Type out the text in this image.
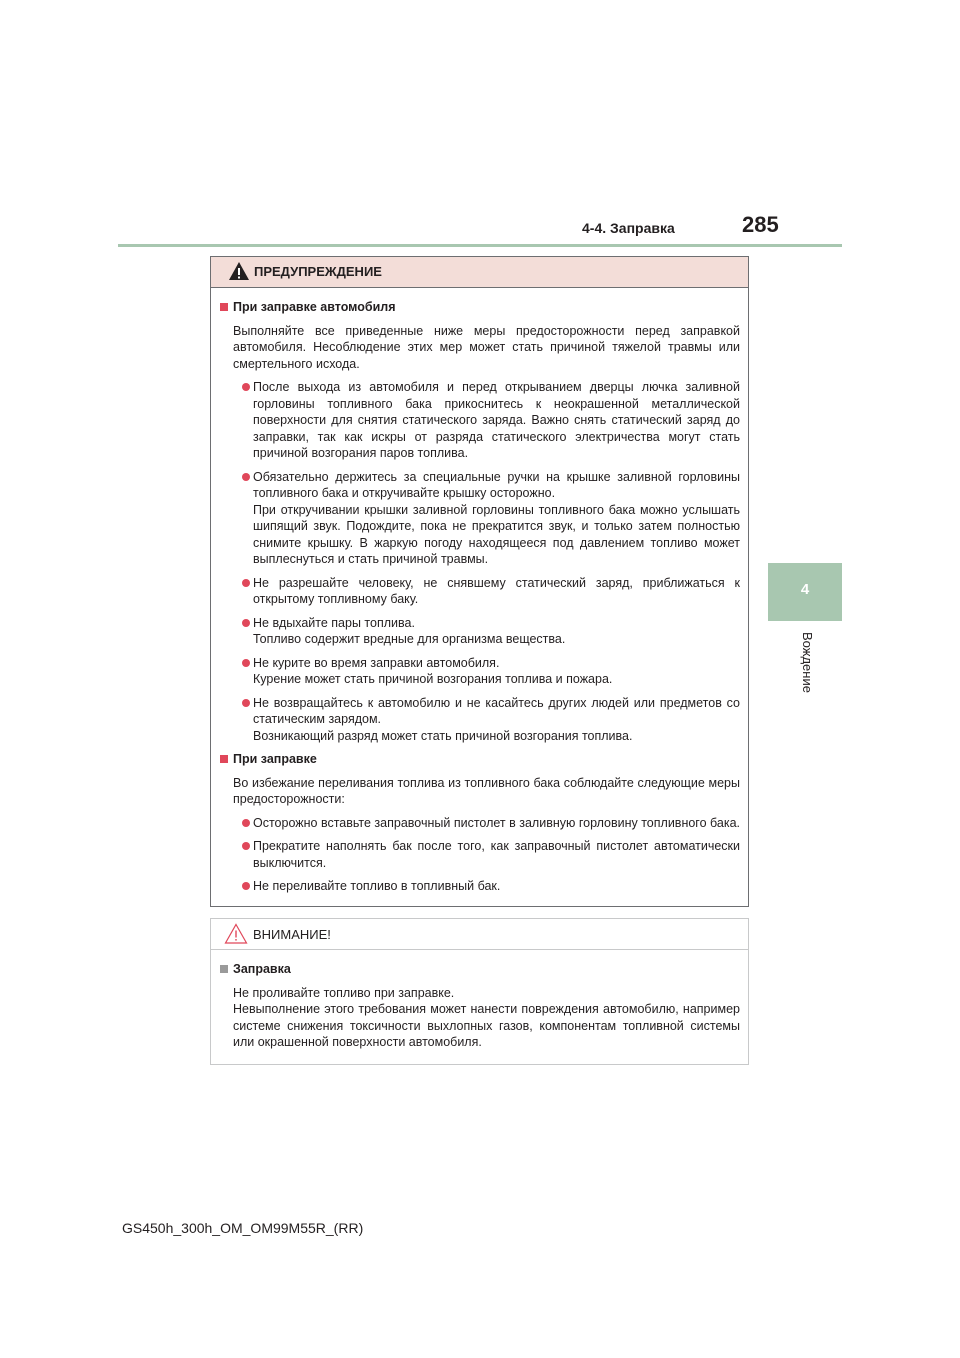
4-4. Заправка	285
4
Вождение
ПРЕДУПРЕЖДЕНИЕ
При заправке автомобиля
Выполняйте все приведенные ниже меры предосторожности перед заправкой автомобиля. Несоблюдение этих мер может стать причиной тяжелой травмы или смертельного исхода.
После выхода из автомобиля и перед открыванием дверцы лючка заливной горловины топливного бака прикоснитесь к неокрашенной металлической поверхности для снятия статического заряда. Важно снять статический заряд до заправки, так как искры от разряда статического электричества могут стать причиной возгорания паров топлива.
Обязательно держитесь за специальные ручки на крышке заливной горловины топливного бака и откручивайте крышку осторожно.
При откручивании крышки заливной горловины топливного бака можно услышать шипящий звук. Подождите, пока не прекратится звук, и только затем полностью снимите крышку. В жаркую погоду находящееся под давлением топливо может выплеснуться и стать причиной травмы.
Не разрешайте человеку, не снявшему статический заряд, приближаться к открытому топливному баку.
Не вдыхайте пары топлива.
Топливо содержит вредные для организма вещества.
Не курите во время заправки автомобиля.
Курение может стать причиной возгорания топлива и пожара.
Не возвращайтесь к автомобилю и не касайтесь других людей или предметов со статическим зарядом.
Возникающий разряд может стать причиной возгорания топлива.
При заправке
Во избежание переливания топлива из топливного бака соблюдайте следующие меры предосторожности:
Осторожно вставьте заправочный пистолет в заливную горловину топливного бака.
Прекратите наполнять бак после того, как заправочный пистолет автоматически выключится.
Не переливайте топливо в топливный бак.
ВНИМАНИЕ!
Заправка
Не проливайте топливо при заправке.
Невыполнение этого требования может нанести повреждения автомобилю, например системе снижения токсичности выхлопных газов, компонентам топливной системы или окрашенной поверхности автомобиля.
GS450h_300h_OM_OM99M55R_(RR)
